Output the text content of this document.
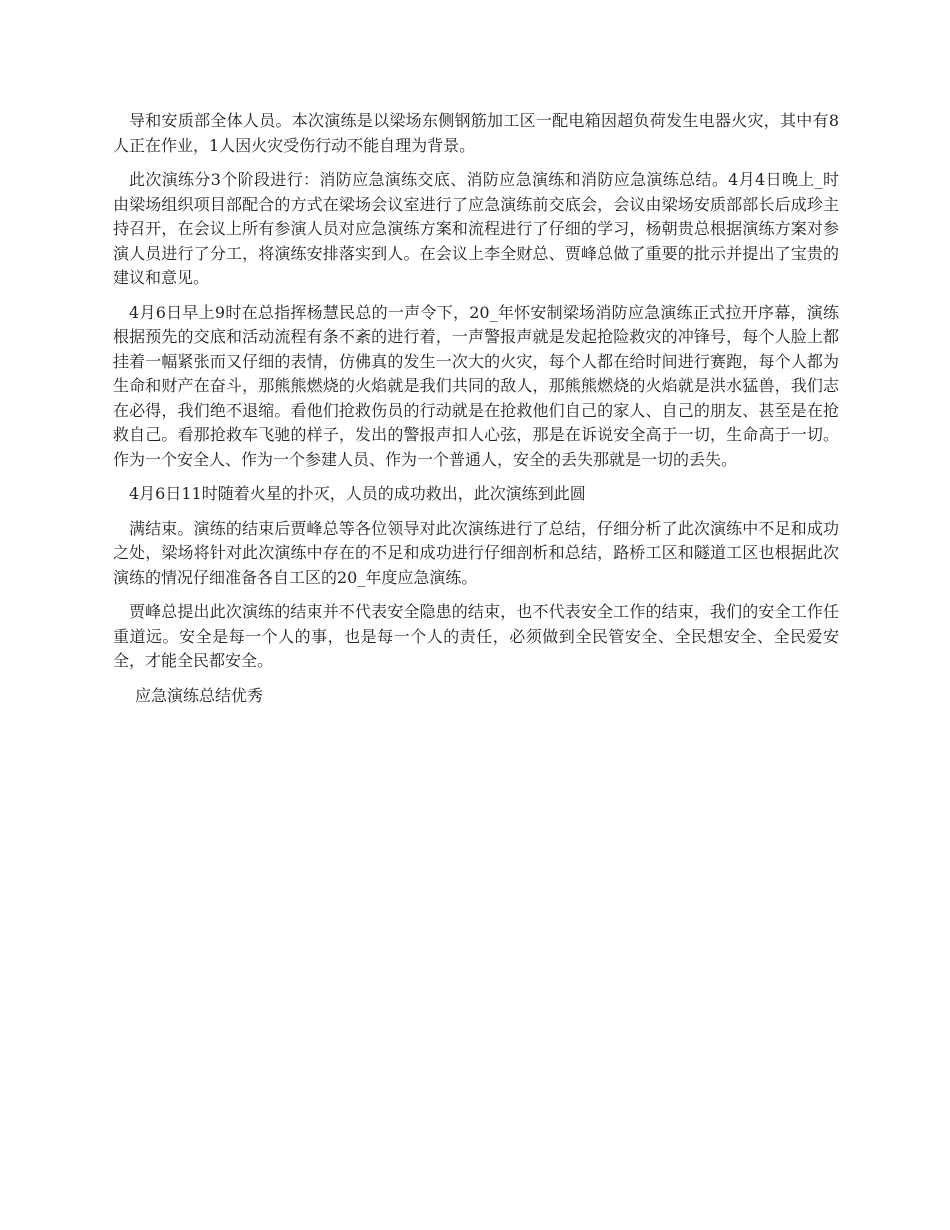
导和安质部全体人员。本次演练是以梁场东侧钢筋加工区一配电箱因超负荷发生电器火灾，其中有8人正在作业，1人因火灾受伤行动不能自理为背景。

此次演练分3个阶段进行：消防应急演练交底、消防应急演练和消防应急演练总结。4月4日晚上_时由梁场组织项目部配合的方式在梁场会议室进行了应急演练前交底会，会议由梁场安质部部长后成珍主持召开，在会议上所有参演人员对应急演练方案和流程进行了仔细的学习，杨朝贵总根据演练方案对参演人员进行了分工，将演练安排落实到人。在会议上李全财总、贾峰总做了重要的批示并提出了宝贵的建议和意见。

4月6日早上9时在总指挥杨慧民总的一声令下，20_年怀安制梁场消防应急演练正式拉开序幕，演练根据预先的交底和活动流程有条不紊的进行着，一声警报声就是发起抢险救灾的冲锋号，每个人脸上都挂着一幅紧张而又仔细的表情，仿佛真的发生一次大的火灾，每个人都在给时间进行赛跑，每个人都为生命和财产在奋斗，那熊熊燃烧的火焰就是我们共同的敌人，那熊熊燃烧的火焰就是洪水猛兽，我们志在必得，我们绝不退缩。看他们抢救伤员的行动就是在抢救他们自己的家人、自己的朋友、甚至是在抢救自己。看那抢救车飞驰的样子，发出的警报声扣人心弦，那是在诉说安全高于一切，生命高于一切。作为一个安全人、作为一个参建人员、作为一个普通人，安全的丢失那就是一切的丢失。

4月6日11时随着火星的扑灭，人员的成功救出，此次演练到此圆

满结束。演练的结束后贾峰总等各位领导对此次演练进行了总结，仔细分析了此次演练中不足和成功之处，梁场将针对此次演练中存在的不足和成功进行仔细剖析和总结，路桥工区和隧道工区也根据此次演练的情况仔细准备各自工区的20_年度应急演练。

贾峰总提出此次演练的结束并不代表安全隐患的结束，也不代表安全工作的结束，我们的安全工作任重道远。安全是每一个人的事，也是每一个人的责任，必须做到全民管安全、全民想安全、全民爱安全，才能全民都安全。

应急演练总结优秀
